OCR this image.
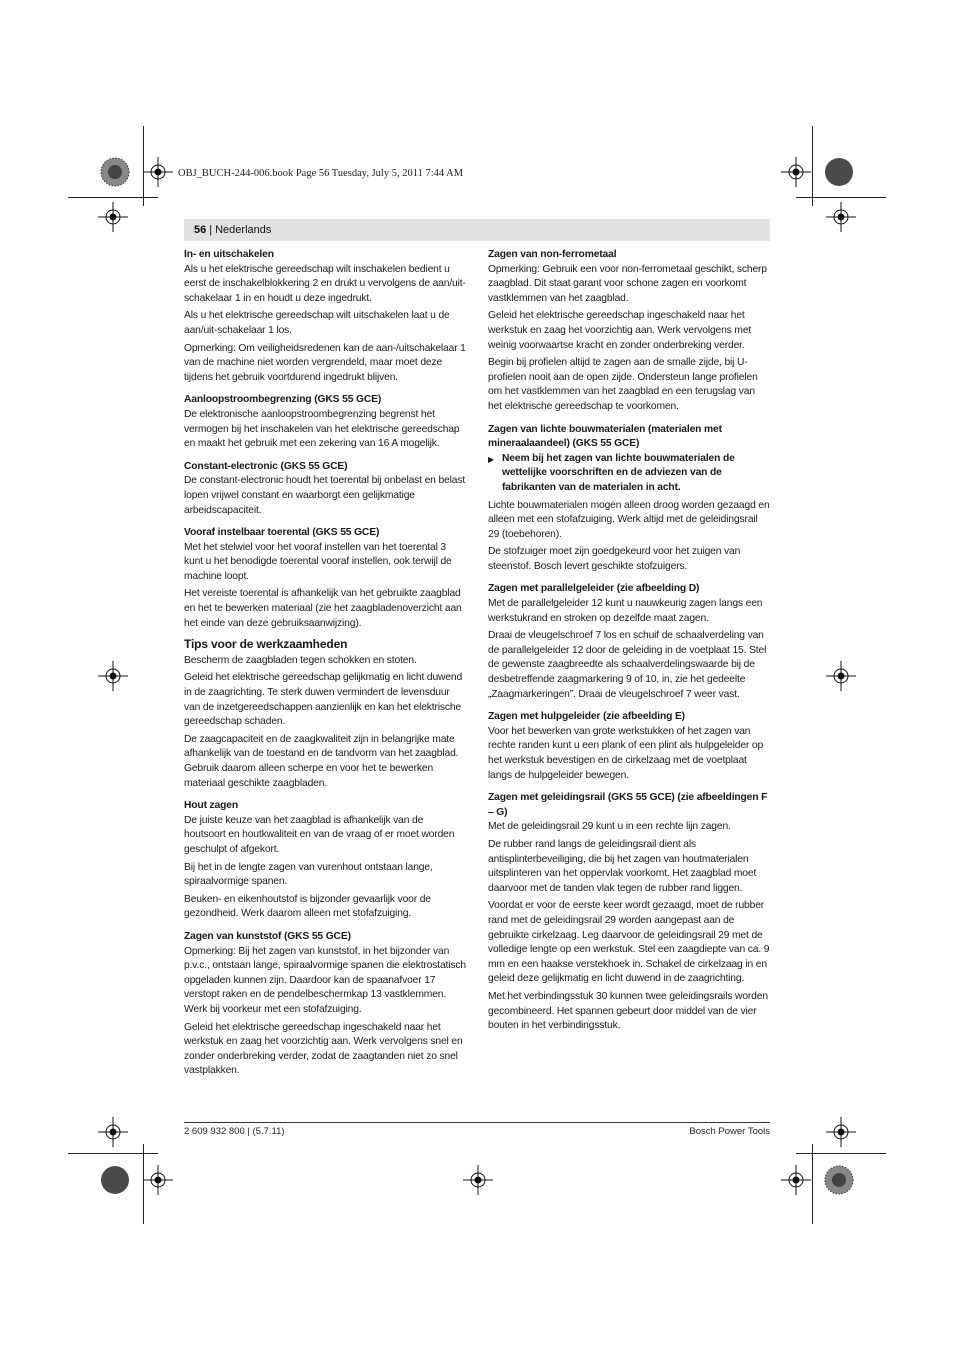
OBJ_BUCH-244-006.book Page 56 Tuesday, July 5, 2011 7:44 AM
56 | Nederlands
In- en uitschakelen

Als u het elektrische gereedschap wilt inschakelen bedient u eerst de inschakelblokkering 2 en drukt u vervolgens de aan/uit-schakelaar 1 in en houdt u deze ingedrukt.

Als u het elektrische gereedschap wilt uitschakelen laat u de aan/uit-schakelaar 1 los.

Opmerking: Om veiligheidsredenen kan de aan-/uitschakelaar 1 van de machine niet worden vergrendeld, maar moet deze tijdens het gebruik voortdurend ingedrukt blijven.

Aanloopstroombegrenzing (GKS 55 GCE)

De elektronische aanloopstroombegrenzing begrenst het vermogen bij het inschakelen van het elektrische gereedschap en maakt het gebruik met een zekering van 16 A mogelijk.

Constant-electronic (GKS 55 GCE)

De constant-electronic houdt het toerental bij onbelast en belast lopen vrijwel constant en waarborgt een gelijkmatige arbeidscapaciteit.

Vooraf instelbaar toerental (GKS 55 GCE)

Met het stelwiel voor het vooraf instellen van het toerental 3 kunt u het benodigde toerental vooraf instellen, ook terwijl de machine loopt.

Het vereiste toerental is afhankelijk van het gebruikte zaagblad en het te bewerken materiaal (zie het zaagbladenoverzicht aan het einde van deze gebruiksaanwijzing).

Tips voor de werkzaamheden

Bescherm de zaagbladen tegen schokken en stoten.

Geleid het elektrische gereedschap gelijkmatig en licht duwend in de zaagrichting. Te sterk duwen vermindert de levensduur van de inzetgereedschappen aanzienlijk en kan het elektrische gereedschap schaden.

De zaagcapaciteit en de zaagkwaliteit zijn in belangrijke mate afhankelijk van de toestand en de tandvorm van het zaagblad. Gebruik daarom alleen scherpe en voor het te bewerken materiaal geschikte zaagbladen.

Hout zagen

De juiste keuze van het zaagblad is afhankelijk van de houtsoort en houtkwaliteit en van de vraag of er moet worden geschulpt of afgekort.

Bij het in de lengte zagen van vurenhout ontstaan lange, spiraalvormige spanen.

Beuken- en eikenhoutstof is bijzonder gevaarlijk voor de gezondheid. Werk daarom alleen met stofafzuiging.

Zagen van kunststof (GKS 55 GCE)

Opmerking: Bij het zagen van kunststof, in het bijzonder van p.v.c., ontstaan lange, spiraalvormige spanen die elektrostatisch opgeladen kunnen zijn. Daardoor kan de spaanafvoer 17 verstopt raken en de pendelbeschermkap 13 vastklemmen. Werk bij voorkeur met een stofafzuiging.

Geleid het elektrische gereedschap ingeschakeld naar het werkstuk en zaag het voorzichtig aan. Werk vervolgens snel en zonder onderbreking verder, zodat de zaagtanden niet zo snel vastplakken.

Zagen van non-ferrometaal

Opmerking: Gebruik een voor non-ferrometaal geschikt, scherp zaagblad. Dit staat garant voor schone zagen en voorkomt vastklemmen van het zaagblad.

Geleid het elektrische gereedschap ingeschakeld naar het werkstuk en zaag het voorzichtig aan. Werk vervolgens met weinig voorwaartse kracht en zonder onderbreking verder.

Begin bij profielen altijd te zagen aan de smalle zijde, bij U-profielen nooit aan de open zijde. Ondersteun lange profielen om het vastklemmen van het zaagblad en een terugslag van het elektrische gereedschap te voorkomen.

Zagen van lichte bouwmaterialen (materialen met mineraalaandeel) (GKS 55 GCE)
▶ Neem bij het zagen van lichte bouwmaterialen de wettelijke voorschriften en de adviezen van de fabrikanten van de materialen in acht.

Lichte bouwmaterialen mogen alleen droog worden gezaagd en alleen met een stofafzuiging. Werk altijd met de geleidingsrail 29 (toebehoren).

De stofzuiger moet zijn goedgekeurd voor het zuigen van steenstof. Bosch levert geschikte stofzuigers.

Zagen met parallelgeleider (zie afbeelding D)

Met de parallelgeleider 12 kunt u nauwkeurig zagen langs een werkstukrand en stroken op dezelfde maat zagen.

Draai de vleugelschroef 7 los en schuif de schaalverdeling van de parallelgeleider 12 door de geleiding in de voetplaat 15. Stel de gewenste zaagbreedte als schaalverdelingswaarde bij de desbetreffende zaagmarkering 9 of 10, in, zie het gedeelte „Zaagmarkeringen”. Draai de vleugelschroef 7 weer vast.

Zagen met hulpgeleider (zie afbeelding E)

Voor het bewerken van grote werkstukken of het zagen van rechte randen kunt u een plank of een plint als hulpgeleider op het werkstuk bevestigen en de cirkelzaag met de voetplaat langs de hulpgeleider bewegen.

Zagen met geleidingsrail (GKS 55 GCE) (zie afbeeldingen F – G)

Met de geleidingsrail 29 kunt u in een rechte lijn zagen.

De rubber rand langs de geleidingsrail dient als antisplinterbeveiliging, die bij het zagen van houtmaterialen uitsplinteren van het oppervlak voorkomt. Het zaagblad moet daarvoor met de tanden vlak tegen de rubber rand liggen.

Voordat er voor de eerste keer wordt gezaagd, moet de rubber rand met de geleidingsrail 29 worden aangepast aan de gebruikte cirkelzaag. Leg daarvoor de geleidingsrail 29 met de volledige lengte op een werkstuk. Stel een zaagdiepte van ca. 9 mm en een haakse verstekhoek in. Schakel de cirkelzaag in en geleid deze gelijkmatig en licht duwend in de zaagrichting.

Met het verbindingsstuk 30 kunnen twee geleidingsrails worden gecombineerd. Het spannen gebeurt door middel van de vier bouten in het verbindingsstuk.

2 609 932 800 | (5.7.11)	Bosch Power Tools
